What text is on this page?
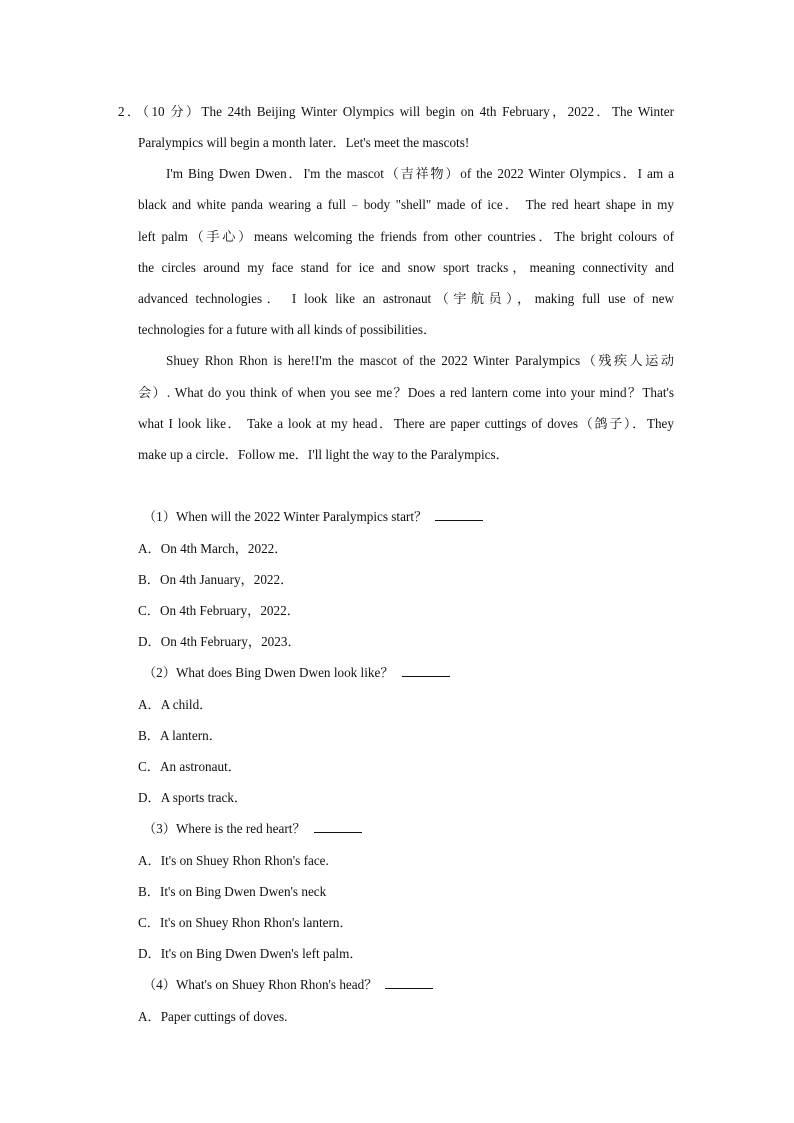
2．（10 分）The 24th Beijing Winter Olympics will begin on 4th February，2022．The Winter
Paralympics will begin a month later．Let's meet the mascots!
I'm Bing Dwen Dwen．I'm the mascot（吉祥物）of the 2022 Winter Olympics．I am a
black and white panda wearing a full﹣body "shell" made of ice． The red heart shape in my
left palm（手心）means welcoming the friends from other countries．The bright colours of
the circles around my face stand for ice and snow sport tracks，meaning connectivity and
advanced technologies． I look like an astronaut（宇航员），making full use of new
technologies for a future with all kinds of possibilities．
Shuey Rhon Rhon is here!I'm the mascot of the 2022 Winter Paralympics（残疾人运动
会）. What do you think of when you see me？Does a red lantern come into your mind？That's
what I look like． Take a look at my head．There are paper cuttings of doves（鸽子）．They
make up a circle．Follow me．I'll light the way to the Paralympics．
（1）When will the 2022 Winter Paralympics start？
A．On 4th March，2022．
B．On 4th January，2022．
C．On 4th February，2022．
D．On 4th February，2023．
（2）What does Bing Dwen Dwen look like？
A．A child．
B．A lantern．
C．An astronaut．
D．A sports track．
（3）Where is the red heart？
A．It's on Shuey Rhon Rhon's face.
B．It's on Bing Dwen Dwen's neck
C．It's on Shuey Rhon Rhon's lantern．
D．It's on Bing Dwen Dwen's left palm．
（4）What's on Shuey Rhon Rhon's head？
A．Paper cuttings of doves.
